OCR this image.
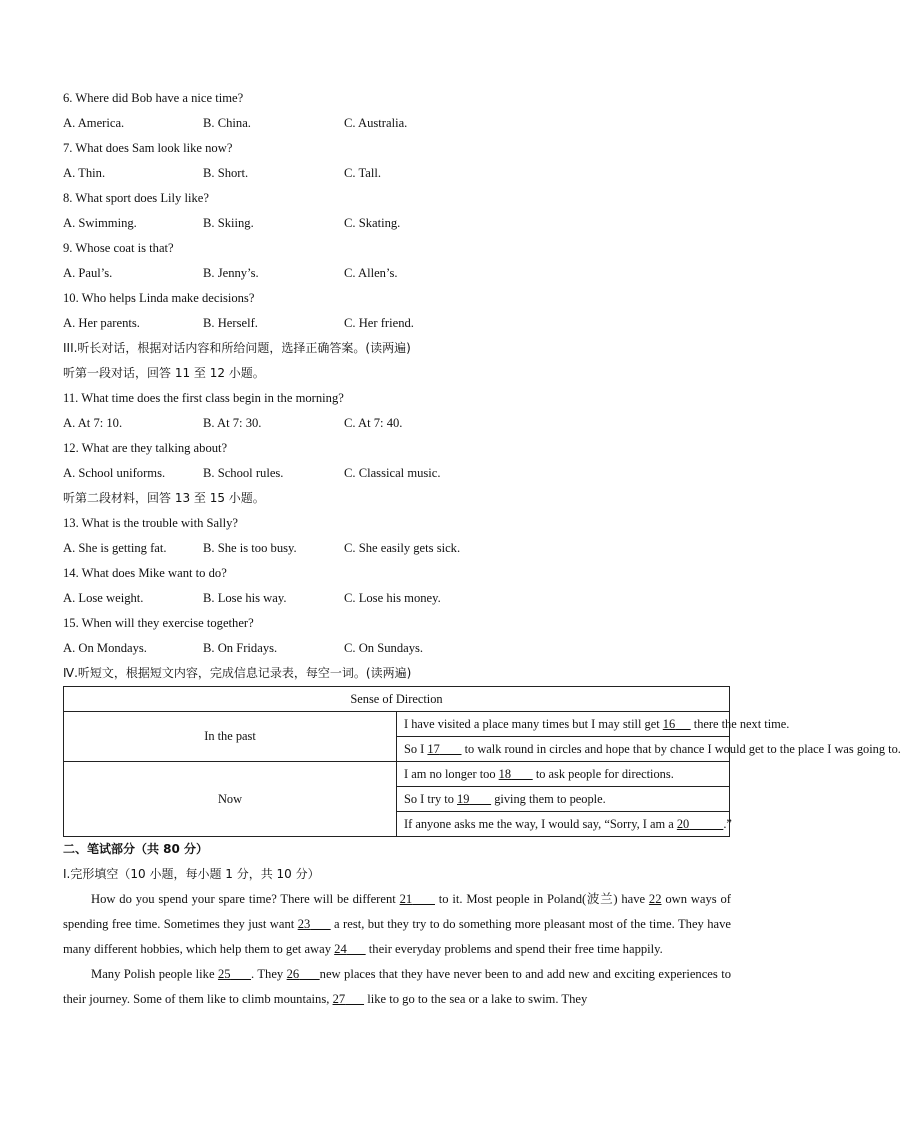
6. Where did Bob have a nice time?
A. America.	B. China.	C. Australia.
7. What does Sam look like now?
A. Thin.	B. Short.	C. Tall.
8. What sport does Lily like?
A. Swimming.	B. Skiing.	C. Skating.
9. Whose coat is that?
A. Paul’s.	B. Jenny’s.	C. Allen’s.
10. Who helps Linda make decisions?
A. Her parents.	B. Herself.	C. Her friend.
III.听长对话，根据对话内容和所给问题，选择正确答案。(读两遍)
听第一段对话，回答 11 至 12 小题。
11. What time does the first class begin in the morning?
A. At 7: 10.	B. At 7: 30.	C. At 7: 40.
12. What are they talking about?
A. School uniforms.	B. School rules.	C. Classical music.
听第二段材料，回答 13 至 15 小题。
13. What is the trouble with Sally?
A. She is getting fat.	B. She is too busy.	C. She easily gets sick.
14. What does Mike want to do?
A. Lose weight.	B. Lose his way.	C. Lose his money.
15. When will they exercise together?
A. On Mondays.	B. On Fridays.	C. On Sundays.
Ⅳ.听短文，根据短文内容，完成信息记录表，每空一词。(读两遍)
Sense of Direction	
In the past	I have visited a place many times but I may still get 16      there the next time.
	So I 17        to walk round in circles and hope that by chance I would get to the place I was going to.
Now	I am no longer too 18        to ask people for directions.
	So I try to 19        giving them to people.
	If anyone asks me the way, I would say, “Sorry, I am a 20 .”
二、笔试部分（共 80 分）
Ⅰ.完形填空（10 小题，每小题 1 分，共 10 分）

How do you spend your spare time? There will be different 21       to it. Most people in Poland(波兰) have 22 own ways of spending free time. Sometimes they just want 23       a rest, but they try to do something more pleasant most of the time. They have many different hobbies, which help them to get away 24       their everyday problems and spend their free time happily.

Many Polish people like 25 . They 26 new places that they have never been to and add new and exciting experiences to their journey. Some of them like to climb mountains, 27       like to go to the sea or a lake to swim. They
